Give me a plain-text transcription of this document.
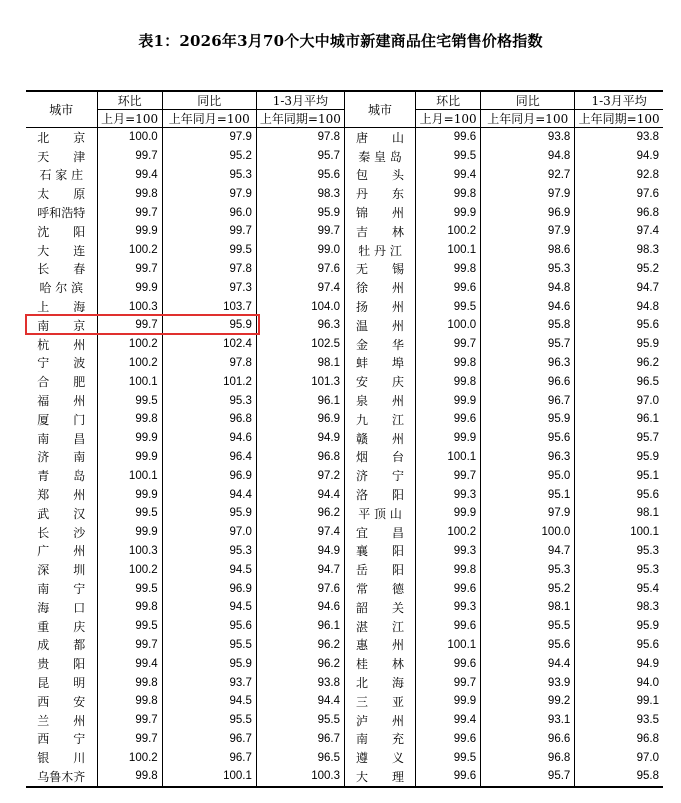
表1：2026年3月70个大中城市新建商品住宅销售价格指数
城市	环比	同比	1-3月平均	城市	环比	同比	1-3月平均
	上月=100	上年同月=100	上年同期=100		上月=100	上年同月=100	上年同期=100
北　　京	100.0	97.9	97.8	唐　　山	99.6	93.8	93.8
天　　津	99.7	95.2	95.7	秦 皇 岛	99.5	94.8	94.9
石 家 庄	99.4	95.3	95.6	包　　头	99.4	92.7	92.8
太　　原	99.8	97.9	98.3	丹　　东	99.8	97.9	97.6
呼和浩特	99.7	96.0	95.9	锦　　州	99.9	96.9	96.8
沈　　阳	99.9	99.7	99.7	吉　　林	100.2	97.9	97.4
大　　连	100.2	99.5	99.0	牡 丹 江	100.1	98.6	98.3
长　　春	99.7	97.8	97.6	无　　锡	99.8	95.3	95.2
哈 尔 滨	99.9	97.3	97.4	徐　　州	99.6	94.8	94.7
上　　海	100.3	103.7	104.0	扬　　州	99.5	94.6	94.8
南　　京	99.7	95.9	96.3	温　　州	100.0	95.8	95.6
杭　　州	100.2	102.4	102.5	金　　华	99.7	95.7	95.9
宁　　波	100.2	97.8	98.1	蚌　　埠	99.8	96.3	96.2
合　　肥	100.1	101.2	101.3	安　　庆	99.8	96.6	96.5
福　　州	99.5	95.3	96.1	泉　　州	99.9	96.7	97.0
厦　　门	99.8	96.8	96.9	九　　江	99.6	95.9	96.1
南　　昌	99.9	94.6	94.9	赣　　州	99.9	95.6	95.7
济　　南	99.9	96.4	96.8	烟　　台	100.1	96.3	95.9
青　　岛	100.1	96.9	97.2	济　　宁	99.7	95.0	95.1
郑　　州	99.9	94.4	94.4	洛　　阳	99.3	95.1	95.6
武　　汉	99.5	95.9	96.2	平 顶 山	99.9	97.9	98.1
长　　沙	99.9	97.0	97.4	宜　　昌	100.2	100.0	100.1
广　　州	100.3	95.3	94.9	襄　　阳	99.3	94.7	95.3
深　　圳	100.2	94.5	94.7	岳　　阳	99.8	95.3	95.3
南　　宁	99.5	96.9	97.6	常　　德	99.6	95.2	95.4
海　　口	99.8	94.5	94.6	韶　　关	99.3	98.1	98.3
重　　庆	99.5	95.6	96.1	湛　　江	99.6	95.5	95.9
成　　都	99.7	95.5	96.2	惠　　州	100.1	95.6	95.6
贵　　阳	99.4	95.9	96.2	桂　　林	99.6	94.4	94.9
昆　　明	99.8	93.7	93.8	北　　海	99.7	93.9	94.0
西　　安	99.8	94.5	94.4	三　　亚	99.9	99.2	99.1
兰　　州	99.7	95.5	95.5	泸　　州	99.4	93.1	93.5
西　　宁	99.7	96.7	96.7	南　　充	99.6	96.6	96.8
银　　川	100.2	96.7	96.5	遵　　义	99.5	96.8	97.0
乌鲁木齐	99.8	100.1	100.3	大　　理	99.6	95.7	95.8
